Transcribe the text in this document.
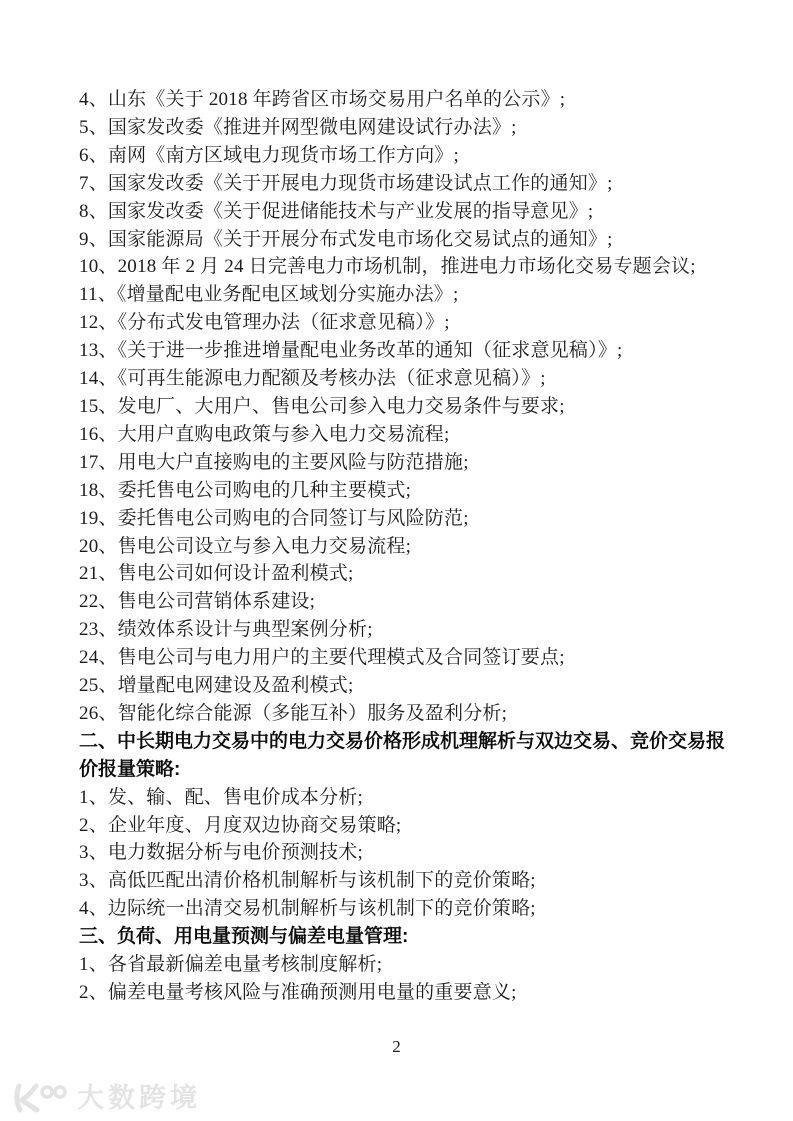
4、山东《关于 2018 年跨省区市场交易用户名单的公示》;
5、国家发改委《推进并网型微电网建设试行办法》;
6、南网《南方区域电力现货市场工作方向》;
7、国家发改委《关于开展电力现货市场建设试点工作的通知》;
8、国家发改委《关于促进储能技术与产业发展的指导意见》;
9、国家能源局《关于开展分布式发电市场化交易试点的通知》;
10、2018 年 2 月 24 日完善电力市场机制，推进电力市场化交易专题会议;
11、《增量配电业务配电区域划分实施办法》;
12、《分布式发电管理办法（征求意见稿）》;
13、《关于进一步推进增量配电业务改革的通知（征求意见稿）》;
14、《可再生能源电力配额及考核办法（征求意见稿）》;
15、发电厂、大用户、售电公司参入电力交易条件与要求;
16、大用户直购电政策与参入电力交易流程;
17、用电大户直接购电的主要风险与防范措施;
18、委托售电公司购电的几种主要模式;
19、委托售电公司购电的合同签订与风险防范;
20、售电公司设立与参入电力交易流程;
21、售电公司如何设计盈利模式;
22、售电公司营销体系建设;
23、绩效体系设计与典型案例分析;
24、售电公司与电力用户的主要代理模式及合同签订要点;
25、增量配电网建设及盈利模式;
26、智能化综合能源（多能互补）服务及盈利分析;
二、中长期电力交易中的电力交易价格形成机理解析与双边交易、竞价交易报
价报量策略:
1、发、输、配、售电价成本分析;
2、企业年度、月度双边协商交易策略;
3、电力数据分析与电价预测技术;
3、高低匹配出清价格机制解析与该机制下的竞价策略;
4、边际统一出清交易机制解析与该机制下的竞价策略;
三、负荷、用电量预测与偏差电量管理:
1、各省最新偏差电量考核制度解析;
2、偏差电量考核风险与准确预测用电量的重要意义;
2
大数跨境
